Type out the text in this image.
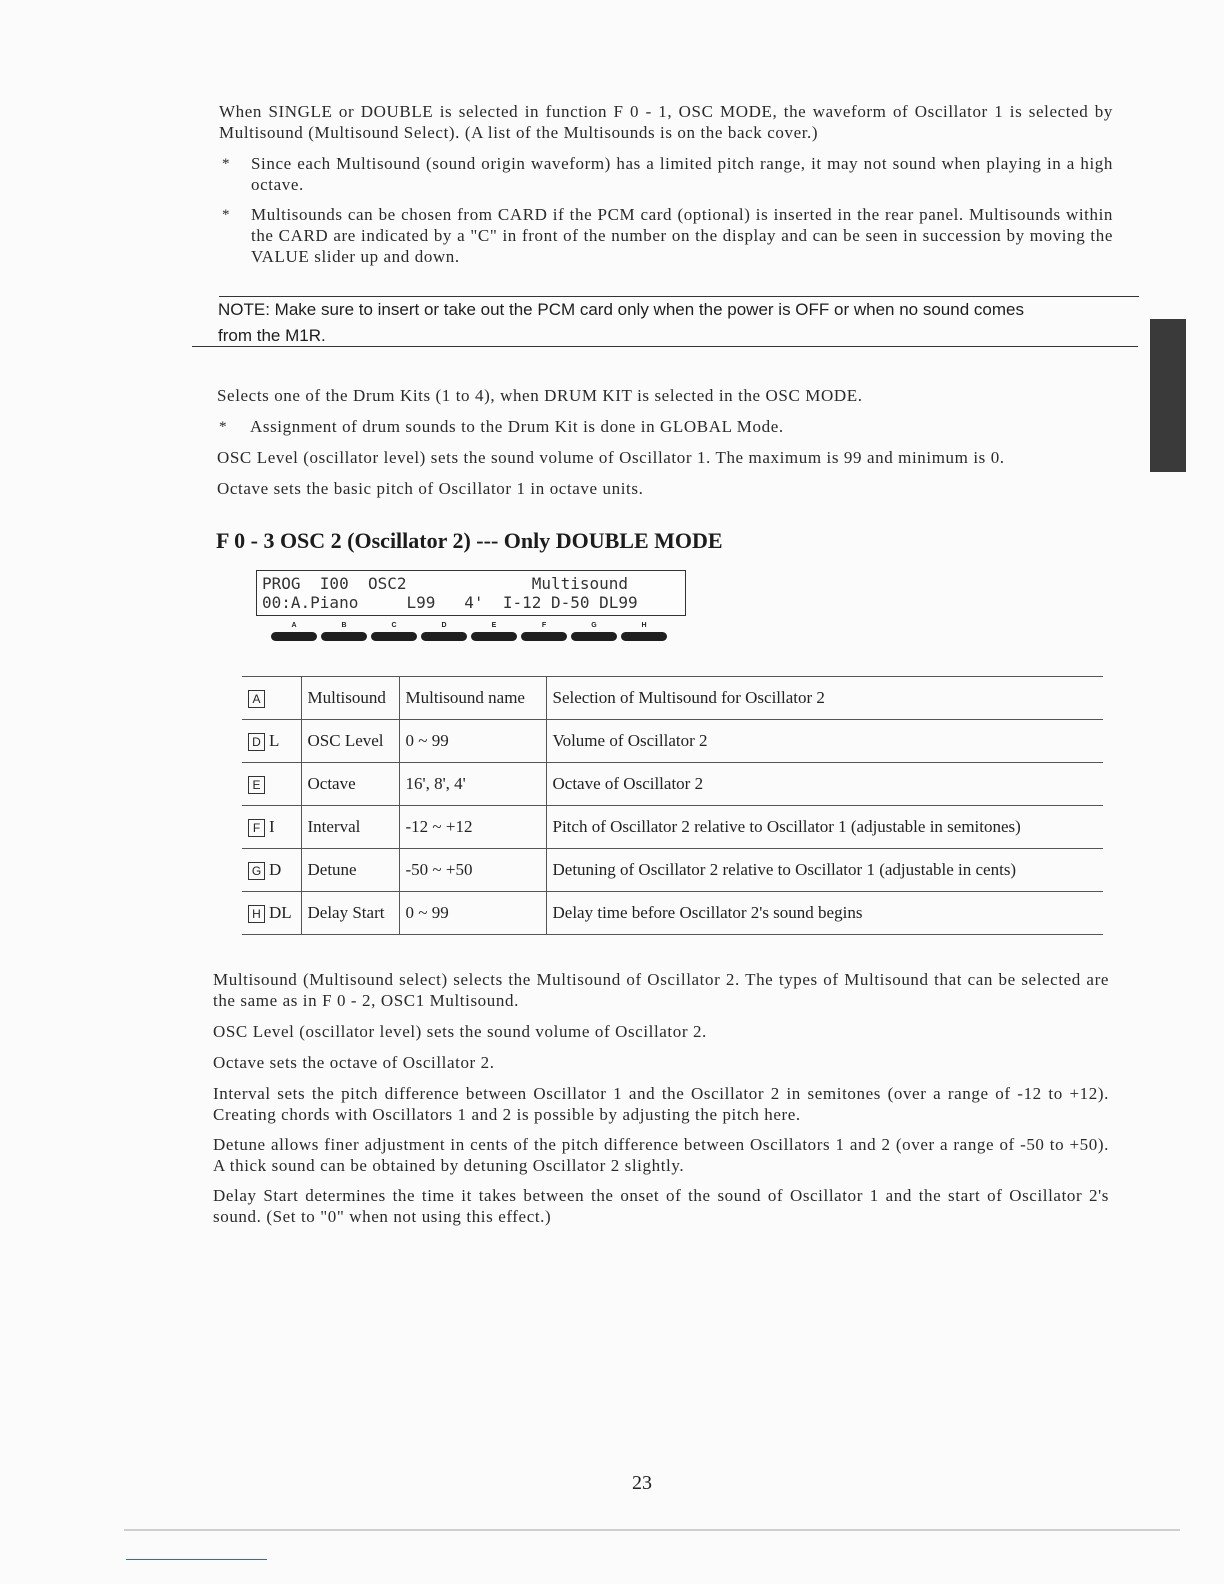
When SINGLE or DOUBLE is selected in function F 0 - 1, OSC MODE, the waveform of Oscillator 1 is selected by Multisound (Multisound Select). (A list of the Multisounds is on the back cover.)

* Since each Multisound (sound origin waveform) has a limited pitch range, it may not sound when playing in a high octave.

* Multisounds can be chosen from CARD if the PCM card (optional) is inserted in the rear panel. Multisounds within the CARD are indicated by a "C" in front of the number on the display and can be seen in succession by moving the VALUE slider up and down.

NOTE: Make sure to insert or take out the PCM card only when the power is OFF or when no sound comes
from the M1R.

Selects one of the Drum Kits (1 to 4), when DRUM KIT is selected in the OSC MODE.

* Assignment of drum sounds to the Drum Kit is done in GLOBAL Mode.

OSC Level (oscillator level) sets the sound volume of Oscillator 1. The maximum is 99 and minimum is 0.

Octave sets the basic pitch of Oscillator 1 in octave units.

F 0 - 3 OSC 2 (Oscillator 2) --- Only DOUBLE MODE
PROG  I00  OSC2             Multisound
00:A.Piano     L99   4'  I-12 D-50 DL99
A	B	C	D	E	F	G	H
A	Multisound	Multisound name	Selection of Multisound for Oscillator 2
D L	OSC Level	0 ~ 99	Volume of Oscillator 2
E	Octave	16', 8', 4'	Octave of Oscillator 2
F I	Interval	-12 ~ +12	Pitch of Oscillator 2 relative to Oscillator 1 (adjustable in semitones)
G D	Detune	-50 ~ +50	Detuning of Oscillator 2 relative to Oscillator 1 (adjustable in cents)
H DL	Delay Start	0 ~ 99	Delay time before Oscillator 2's sound begins

Multisound (Multisound select) selects the Multisound of Oscillator 2. The types of Multisound that can be selected are the same as in F 0 - 2, OSC1 Multisound.

OSC Level (oscillator level) sets the sound volume of Oscillator 2.

Octave sets the octave of Oscillator 2.

Interval sets the pitch difference between Oscillator 1 and the Oscillator 2 in semitones (over a range of -12 to +12). Creating chords with Oscillators 1 and 2 is possible by adjusting the pitch here.

Detune allows finer adjustment in cents of the pitch difference between Oscillators 1 and 2 (over a range of -50 to +50). A thick sound can be obtained by detuning Oscillator 2 slightly.

Delay Start determines the time it takes between the onset of the sound of Oscillator 1 and the start of Oscillator 2's sound. (Set to "0" when not using this effect.)

23
